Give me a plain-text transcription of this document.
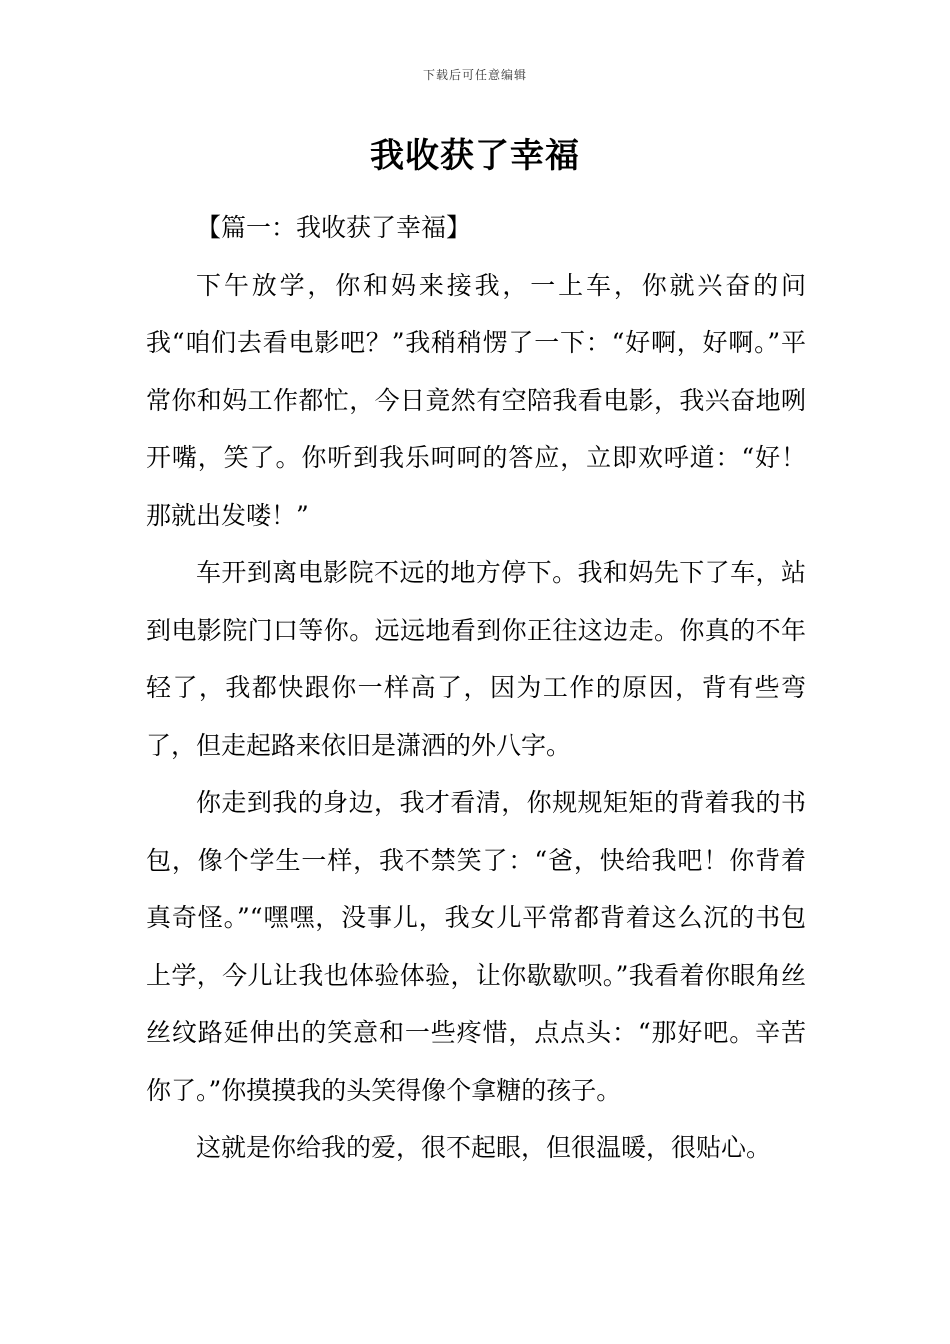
下载后可任意编辑
我收获了幸福

【篇一：我收获了幸福】

下午放学，你和妈来接我，一上车，你就兴奋的问我“咱们去看电影吧？”我稍稍愣了一下：“好啊，好啊。”平常你和妈工作都忙，今日竟然有空陪我看电影，我兴奋地咧开嘴，笑了。你听到我乐呵呵的答应，立即欢呼道：“好！那就出发喽！”

车开到离电影院不远的地方停下。我和妈先下了车，站到电影院门口等你。远远地看到你正往这边走。你真的不年轻了，我都快跟你一样高了，因为工作的原因，背有些弯了，但走起路来依旧是潇洒的外八字。

你走到我的身边，我才看清，你规规矩矩的背着我的书包，像个学生一样，我不禁笑了：“爸，快给我吧！你背着真奇怪。”“嘿嘿，没事儿，我女儿平常都背着这么沉的书包上学，今儿让我也体验体验，让你歇歇呗。”我看着你眼角丝丝纹路延伸出的笑意和一些疼惜，点点头：“那好吧。辛苦你了。”你摸摸我的头笑得像个拿糖的孩子。

这就是你给我的爱，很不起眼，但很温暖，很贴心。
